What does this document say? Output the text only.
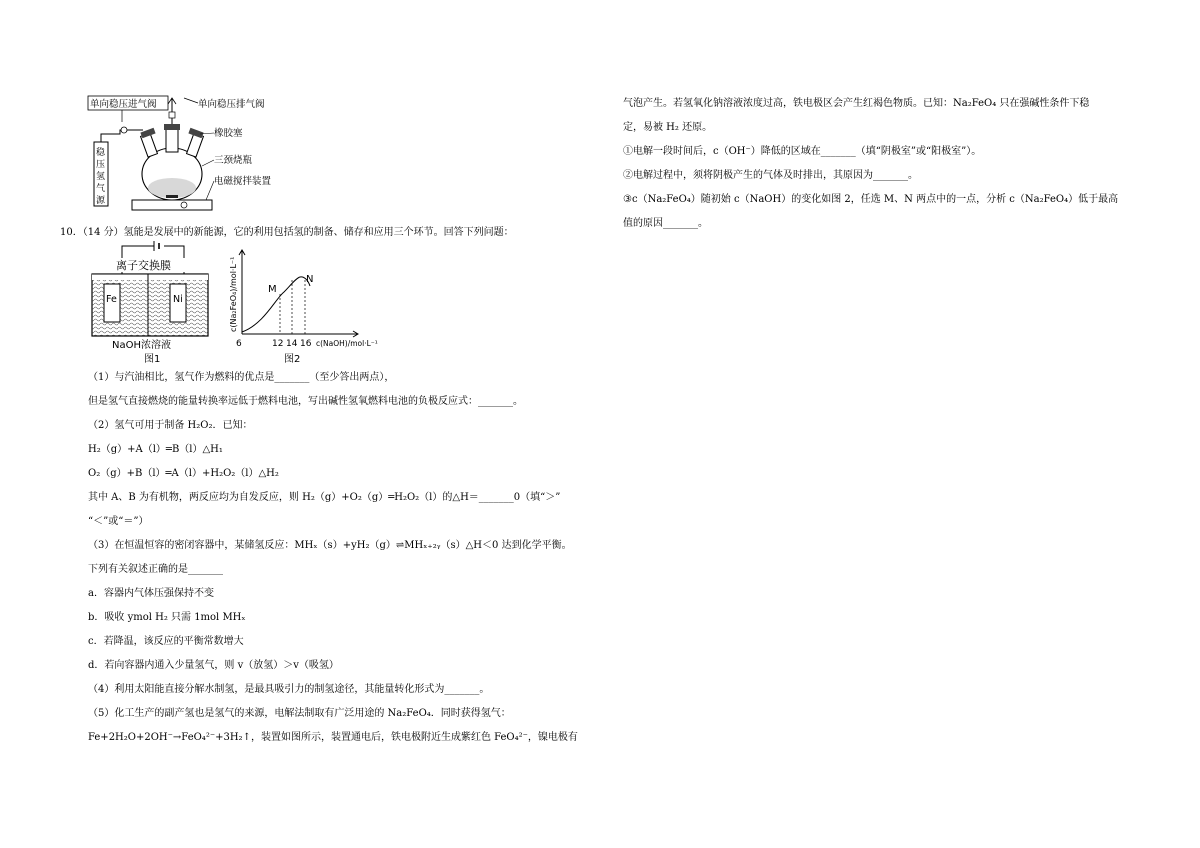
单向稳压进气阀	单向稳压排气阀
稳
压
氢
气
源
橡胶塞
三颈烧瓶
电磁搅拌装置
10．（14 分）氢能是发展中的新能源，它的利用包括氢的制备、储存和应用三个环节。回答下列问题：
离子交换膜
Fe	Ni
NaOH浓溶液
图1
c(Na₂FeO₄)/mol·L⁻¹	M
N
6	12 14 16 c(NaOH)/mol·L⁻¹
图2
（1）与汽油相比，氢气作为燃料的优点是_______（至少答出两点），
但是氢气直接燃烧的能量转换率远低于燃料电池，写出碱性氢氧燃料电池的负极反应式：_______。
（2）氢气可用于制备 H₂O₂．已知：
H₂（g）+A（l）═B（l）△H₁
O₂（g）+B（l）═A（l）+H₂O₂（l）△H₂
其中 A、B 为有机物，两反应均为自发反应，则 H₂（g）+O₂（g）═H₂O₂（l）的△H＝_______0（填“＞”
“＜”或“＝”）
（3）在恒温恒容的密闭容器中，某储氢反应：MHₓ（s）+yH₂（g）⇌MHₓ₊₂ᵧ（s）△H＜0 达到化学平衡。
下列有关叙述正确的是_______
a．容器内气体压强保持不变
b．吸收 ymol H₂ 只需 1mol MHₓ
c．若降温，该反应的平衡常数增大
d．若向容器内通入少量氢气，则 v（放氢）＞v（吸氢）
（4）利用太阳能直接分解水制氢，是最具吸引力的制氢途径，其能量转化形式为_______。
（5）化工生产的副产氢也是氢气的来源，电解法制取有广泛用途的 Na₂FeO₄．同时获得氢气：
Fe+2H₂O+2OH⁻→FeO₄²⁻+3H₂↑，装置如图所示，装置通电后，铁电极附近生成紫红色 FeO₄²⁻，镍电极有
气泡产生。若氢氧化钠溶液浓度过高，铁电极区会产生红褐色物质。已知：Na₂FeO₄ 只在强碱性条件下稳
定，易被 H₂ 还原。
①电解一段时间后，c（OH⁻）降低的区域在_______（填“阴极室”或“阳极室”）。
②电解过程中，须将阴极产生的气体及时排出，其原因为_______。
③c（Na₂FeO₄）随初始 c（NaOH）的变化如图 2，任选 M、N 两点中的一点，分析 c（Na₂FeO₄）低于最高
值的原因_______。
